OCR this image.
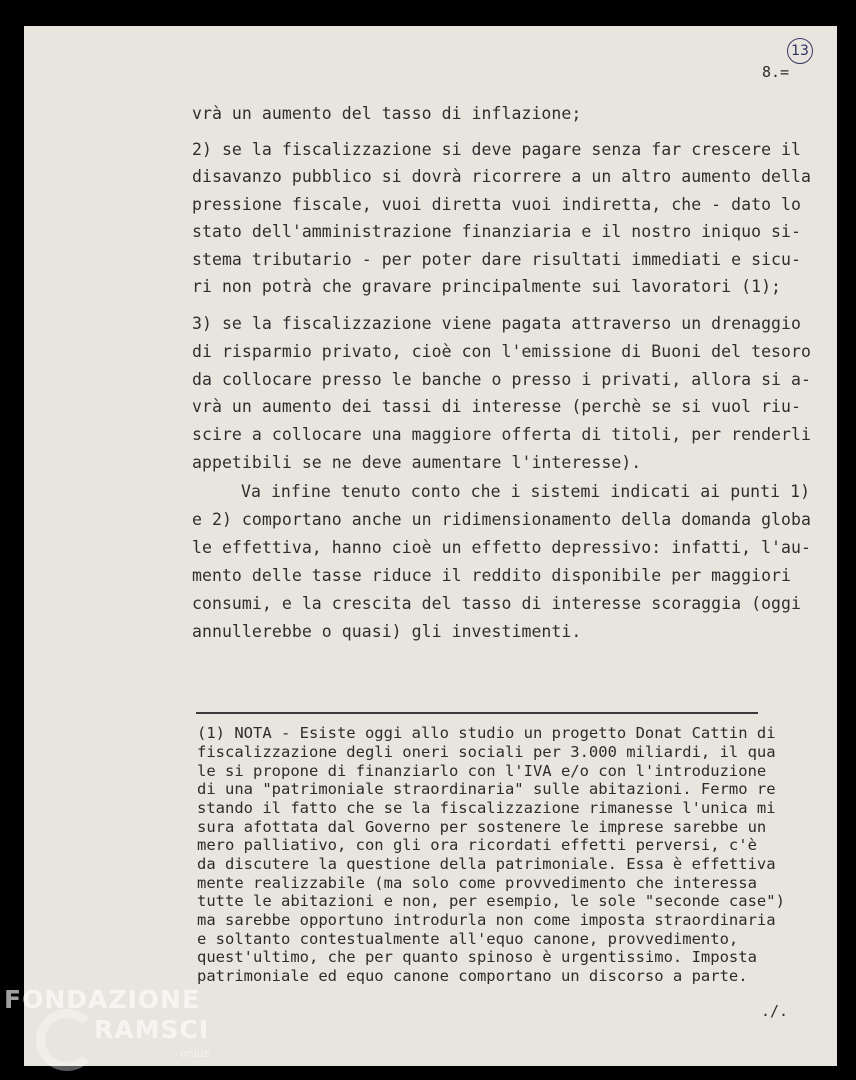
13
8.=
vrà un aumento del tasso di inflazione;
2) se la fiscalizzazione si deve pagare senza far crescere il
disavanzo pubblico si dovrà ricorrere a un altro aumento della
pressione fiscale, vuoi diretta vuoi indiretta, che - dato lo
stato dell'amministrazione finanziaria e il nostro iniquo si-
stema tributario - per poter dare risultati immediati e sicu-
ri non potrà che gravare principalmente sui lavoratori (1);
3) se la fiscalizzazione viene pagata attraverso un drenaggio
di risparmio privato, cioè con l'emissione di Buoni del tesoro
da collocare presso le banche o presso i privati, allora si a-
vrà un aumento dei tassi di interesse (perchè se si vuol riu-
scire a collocare una maggiore offerta di titoli, per renderli
appetibili se ne deve aumentare l'interesse).
Va infine tenuto conto che i sistemi indicati ai punti 1)
e 2) comportano anche un ridimensionamento della domanda globa
le effettiva, hanno cioè un effetto depressivo: infatti, l'au-
mento delle tasse riduce il reddito disponibile per maggiori
consumi, e la crescita del tasso di interesse scoraggia (oggi
annullerebbe o quasi) gli investimenti.
(1) NOTA - Esiste oggi allo studio un progetto Donat Cattin di
fiscalizzazione degli oneri sociali per 3.000 miliardi, il qua
le si propone di finanziarlo con l'IVA e/o con l'introduzione
di una "patrimoniale straordinaria" sulle abitazioni. Fermo re
stando il fatto che se la fiscalizzazione rimanesse l'unica mi
sura afottata dal Governo per sostenere le imprese sarebbe un
mero palliativo, con gli ora ricordati effetti perversi, c'è
da discutere la questione della patrimoniale. Essa è effettiva
mente realizzabile (ma solo come provvedimento che interessa
tutte le abitazioni e non, per esempio, le sole "seconde case")
ma sarebbe opportuno introdurla non come imposta straordinaria
e soltanto contestualmente all'equo canone, provvedimento,
quest'ultimo, che per quanto spinoso è urgentissimo. Imposta
patrimoniale ed equo canone comportano un discorso a parte.
./.
FONDAZIONE
RAMSCI
onlus
